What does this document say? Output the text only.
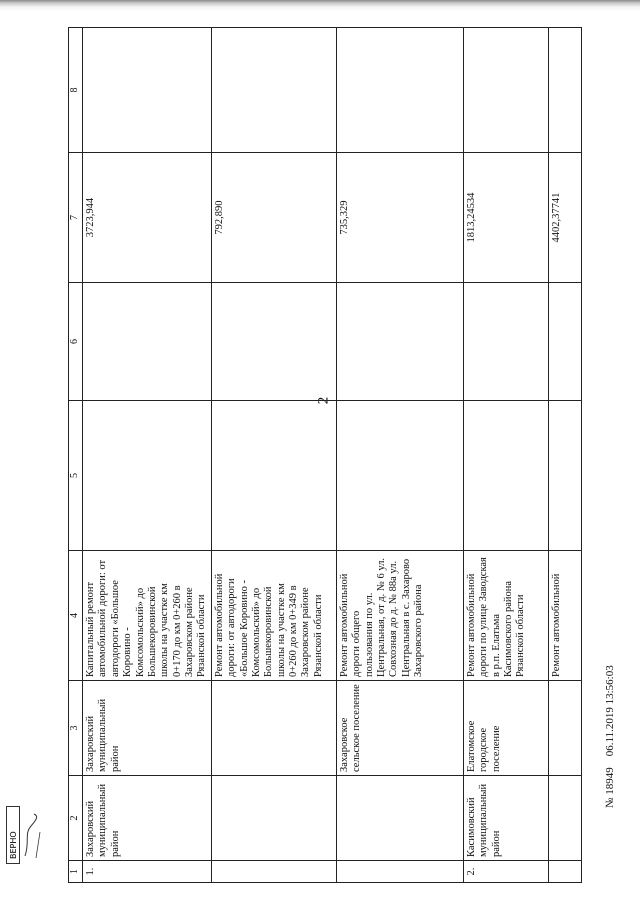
2
1	2	3	4	5	6	7	8
1.	Захаровский муниципальный район	Захаровский муниципальный район	Капитальный ремонт автомобильной дороги: от автодороги «Большое Коровино - Комсомольский» до Большекоровинской школы на участке км 0+170 до км 0+260 в Захаровском районе Рязанской области			3723,944	
			Ремонт автомобильной дороги: от автодороги «Большое Коровино - Комсомольский» до Большекоровинской школы на участке км 0+260 до км 0+349 в Захаровском районе Рязанской области			792,890	
		Захаровское сельское поселение	Ремонт автомобильной дороги общего пользования по ул. Центральная, от д. № 6 ул. Совхозная до д. № 88а ул. Центральная в с. Захарово Захаровского района			735,329	
2.	Касимовский муниципальный район	Елатомское городское поселение	Ремонт автомобильной дороги по улице Заводская в р.п. Елатьма Касимовского района Рязанской области			1813,24534	
			Ремонт автомобильной			4402,37741	
№ 18949    06.11.2019 13:56:03
ВЕРНО
